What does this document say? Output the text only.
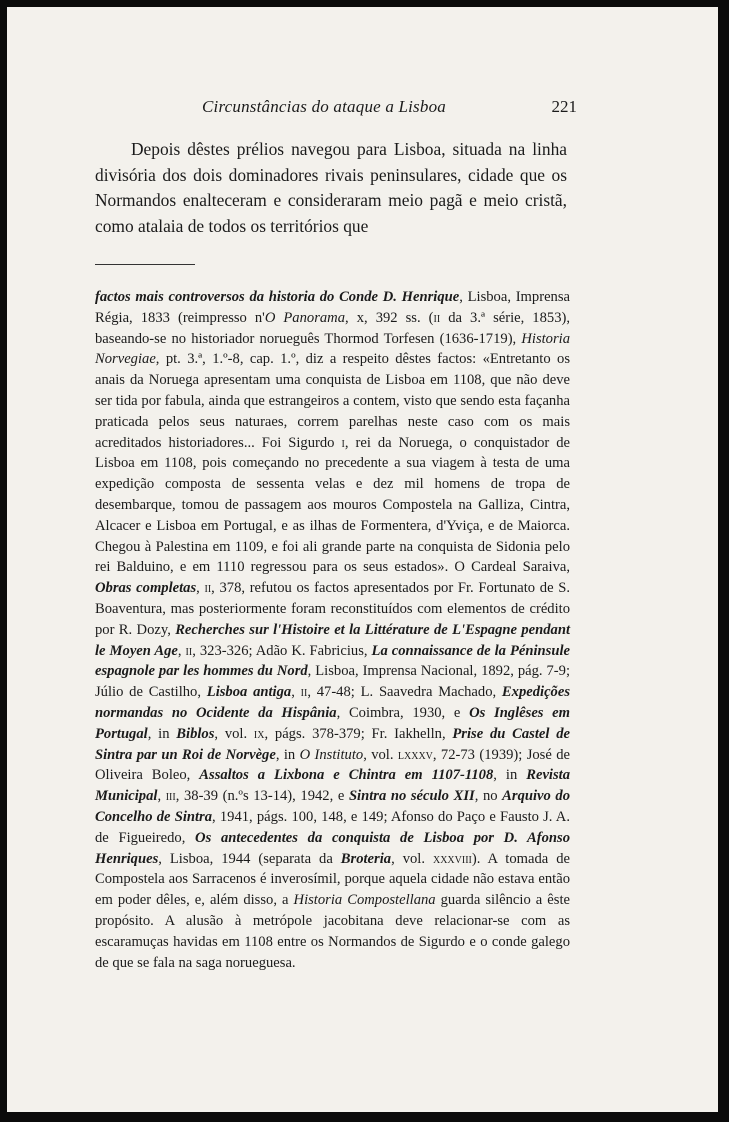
Circunstâncias do ataque a Lisboa	221

Depois dêstes prélios navegou para Lisboa, situada na linha divisória dos dois dominadores rivais peninsulares, cidade que os Normandos enalteceram e consideraram meio pagã e meio cristã, como atalaia de todos os territórios que

factos mais controversos da historia do Conde D. Henrique, Lisboa, Imprensa Régia, 1833 (reimpresso n'O Panorama, x, 392 ss. (ii da 3.ª série, 1853), baseando-se no historiador norueguês Thormod Torfesen (1636-1719), Historia Norvegiae, pt. 3.ª, 1.º-8, cap. 1.º, diz a respeito dêstes factos: «Entretanto os anais da Noruega apresentam uma conquista de Lisboa em 1108, que não deve ser tida por fabula, ainda que estrangeiros a contem, visto que sendo esta façanha praticada pelos seus naturaes, correm parelhas neste caso com os mais acreditados historiadores... Foi Sigurdo i, rei da Noruega, o conquistador de Lisboa em 1108, pois começando no precedente a sua viagem à testa de uma expedição composta de sessenta velas e dez mil homens de tropa de desembarque, tomou de passagem aos mouros Compostela na Galliza, Cintra, Alcacer e Lisboa em Portugal, e as ilhas de Formentera, d'Yviça, e de Maiorca. Chegou à Palestina em 1109, e foi ali grande parte na conquista de Sidonia pelo rei Balduino, e em 1110 regressou para os seus estados». O Cardeal Saraiva, Obras completas, ii, 378, refutou os factos apresentados por Fr. Fortunato de S. Boaventura, mas posteriormente foram reconstituídos com elementos de crédito por R. Dozy, Recherches sur l'Histoire et la Littérature de L'Espagne pendant le Moyen Age, ii, 323-326; Adão K. Fabricius, La connaissance de la Péninsule espagnole par les hommes du Nord, Lisboa, Imprensa Nacional, 1892, pág. 7-9; Júlio de Castilho, Lisboa antiga, ii, 47-48; L. Saavedra Machado, Expedições normandas no Ocidente da Hispânia, Coimbra, 1930, e Os Inglêses em Portugal, in Biblos, vol. ix, págs. 378-379; Fr. Iakhelln, Prise du Castel de Sintra par un Roi de Norvège, in O Instituto, vol. lxxxv, 72-73 (1939); José de Oliveira Boleo, Assaltos a Lixbona e Chintra em 1107-1108, in Revista Municipal, iii, 38-39 (n.ºs 13-14), 1942, e Sintra no século XII, no Arquivo do Concelho de Sintra, 1941, págs. 100, 148, e 149; Afonso do Paço e Fausto J. A. de Figueiredo, Os antecedentes da conquista de Lisboa por D. Afonso Henriques, Lisboa, 1944 (separata da Broteria, vol. xxxviii). A tomada de Compostela aos Sarracenos é inverosímil, porque aquela cidade não estava então em poder dêles, e, além disso, a Historia Compostellana guarda silêncio a êste propósito. A alusão à metrópole jacobitana deve relacionar-se com as escaramuças havidas em 1108 entre os Normandos de Sigurdo e o conde galego de que se fala na saga norueguesa.
